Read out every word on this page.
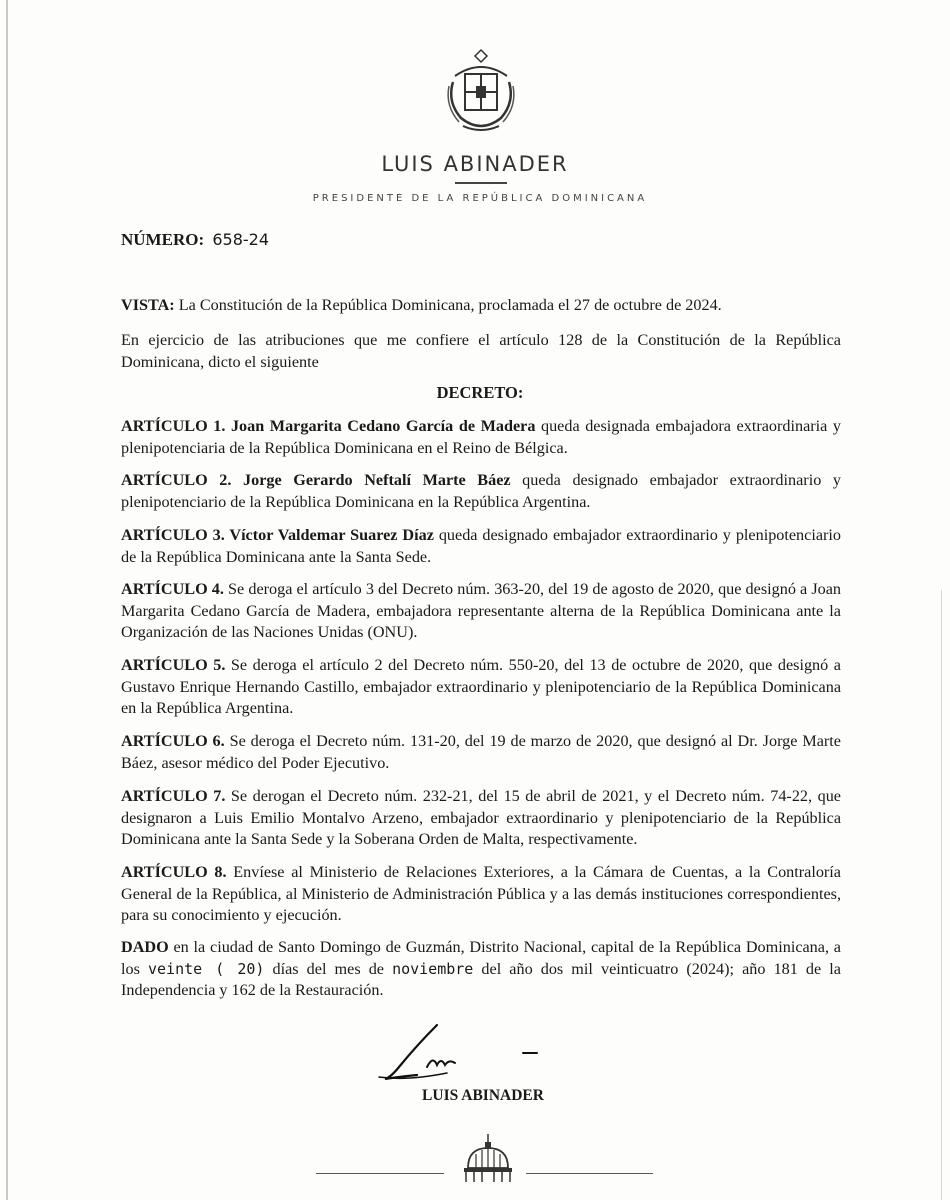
LUIS ABINADER
PRESIDENTE DE LA REPÚBLICA DOMINICANA
NÚMERO: 658-24
VISTA: La Constitución de la República Dominicana, proclamada el 27 de octubre de 2024.
En ejercicio de las atribuciones que me confiere el artículo 128 de la Constitución de la República Dominicana, dicto el siguiente
DECRETO:
ARTÍCULO 1. Joan Margarita Cedano García de Madera queda designada embajadora extraordinaria y plenipotenciaria de la República Dominicana en el Reino de Bélgica.
ARTÍCULO 2. Jorge Gerardo Neftalí Marte Báez queda designado embajador extraordinario y plenipotenciario de la República Dominicana en la República Argentina.
ARTÍCULO 3. Víctor Valdemar Suarez Díaz queda designado embajador extraordinario y plenipotenciario de la República Dominicana ante la Santa Sede.
ARTÍCULO 4. Se deroga el artículo 3 del Decreto núm. 363-20, del 19 de agosto de 2020, que designó a Joan Margarita Cedano García de Madera, embajadora representante alterna de la República Dominicana ante la Organización de las Naciones Unidas (ONU).
ARTÍCULO 5. Se deroga el artículo 2 del Decreto núm. 550-20, del 13 de octubre de 2020, que designó a Gustavo Enrique Hernando Castillo, embajador extraordinario y plenipotenciario de la República Dominicana en la República Argentina.
ARTÍCULO 6. Se deroga el Decreto núm. 131-20, del 19 de marzo de 2020, que designó al Dr. Jorge Marte Báez, asesor médico del Poder Ejecutivo.
ARTÍCULO 7. Se derogan el Decreto núm. 232-21, del 15 de abril de 2021, y el Decreto núm. 74-22, que designaron a Luis Emilio Montalvo Arzeno, embajador extraordinario y plenipotenciario de la República Dominicana ante la Santa Sede y la Soberana Orden de Malta, respectivamente.
ARTÍCULO 8. Envíese al Ministerio de Relaciones Exteriores, a la Cámara de Cuentas, a la Contraloría General de la República, al Ministerio de Administración Pública y a las demás instituciones correspondientes, para su conocimiento y ejecución.
DADO en la ciudad de Santo Domingo de Guzmán, Distrito Nacional, capital de la República Dominicana, a los veinte ( 20) días del mes de noviembre del año dos mil veinticuatro (2024); año 181 de la Independencia y 162 de la Restauración.
LUIS ABINADER
